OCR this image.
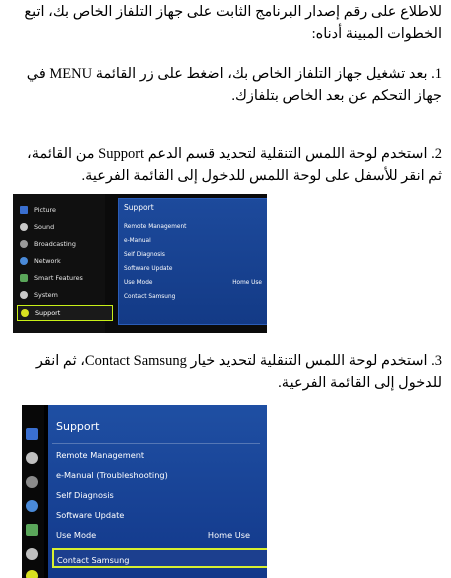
للاطلاع على رقم إصدار البرنامج الثابت على جهاز التلفاز الخاص بك، اتبع الخطوات المبينة أدناه:

1. بعد تشغيل جهاز التلفاز الخاص بك، اضغط على زر القائمة MENU في جهاز التحكم عن بعد الخاص بتلفازك.

2. استخدم لوحة اللمس التنقلية لتحديد قسم الدعم Support من القائمة، ثم انقر للأسفل على لوحة اللمس للدخول إلى القائمة الفرعية.

Picture
Sound
Broadcasting
Network
Smart Features
System
Support
Support
Remote Management
e-Manual
Self Diagnosis
Software Update
Use Mode	Home Use
Contact Samsung

3. استخدم لوحة اللمس التنقلية لتحديد خيار Contact Samsung، ثم انقر للدخول إلى القائمة الفرعية.

Support
Remote Management
e-Manual (Troubleshooting)
Self Diagnosis
Software Update
Use Mode	Home Use
Contact Samsung
